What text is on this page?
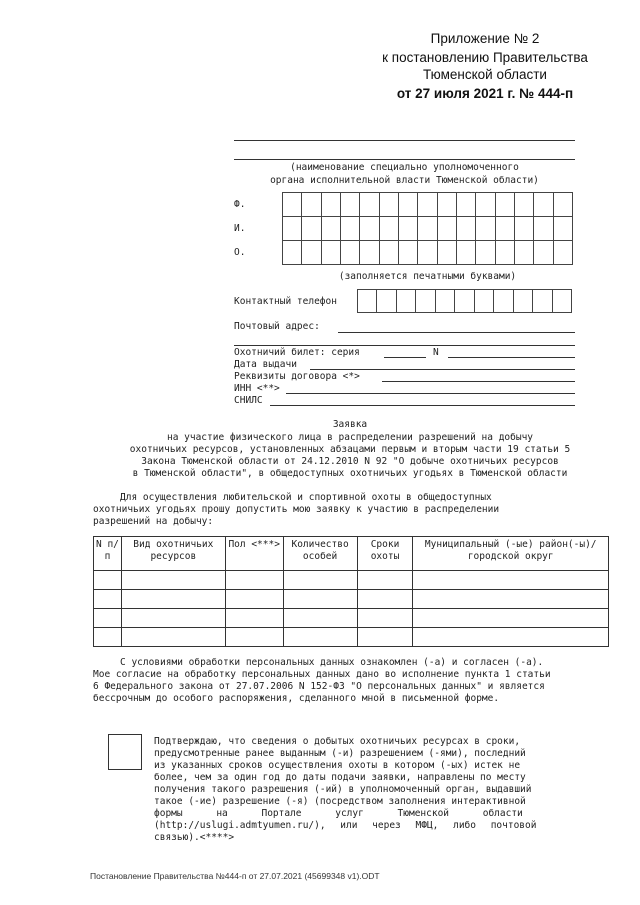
Приложение № 2
к постановлению Правительства
Тюменской области
от 27 июля 2021 г. № 444-п
(наименование специально уполномоченного
органа исполнительной власти Тюменской области)
Ф.
И.
О.

(заполняется печатными буквами)
Контактный телефон

Почтовый адрес:
Охотничий билет: серия	N
Дата выдачи
Реквизиты договора <*>
ИНН <**>
СНИЛС
Заявка
на участие физического лица в распределении разрешений на добычу
охотничьих ресурсов, установленных абзацами первым и вторым части 19 статьи 5
Закона Тюменской области от 24.12.2010 N 92 "О добыче охотничьих ресурсов
в Тюменской области", в общедоступных охотничьих угодьях в Тюменской области
Для осуществления любительской и спортивной охоты в общедоступных
охотничьих угодьях прошу допустить мою заявку к участию в распределении
разрешений на добычу:
N п/п	Вид охотничьих ресурсов	Пол <***>	Количество особей	Сроки охоты	Муниципальный (-ые) район(-ы)/городской округ

С условиями обработки персональных данных ознакомлен (-а) и согласен (-а).
Мое согласие на обработку персональных данных дано во исполнение пункта 1 статьи
6 Федерального закона от 27.07.2006 N 152-ФЗ "О персональных данных" и является
бессрочным до особого распоряжения, сделанного мной в письменной форме.
Подтверждаю, что сведения о добытых охотничьих ресурсах в сроки,
предусмотренные ранее выданным (-и) разрешением (-ями), последний
из указанных сроков осуществления охоты в котором (-ых) истек не
более, чем за один год до даты подачи заявки, направлены по месту
получения такого разрешения (-ий) в уполномоченный орган, выдавший
такое (-ие) разрешение (-я) (посредством заполнения интерактивной
формы на Портале услуг Тюменской области
(http://uslugi.admtyumen.ru/), или через МФЦ, либо почтовой
связью).<****>
Постановление Правительства №444-п от 27.07.2021 (45699348 v1).ODT
